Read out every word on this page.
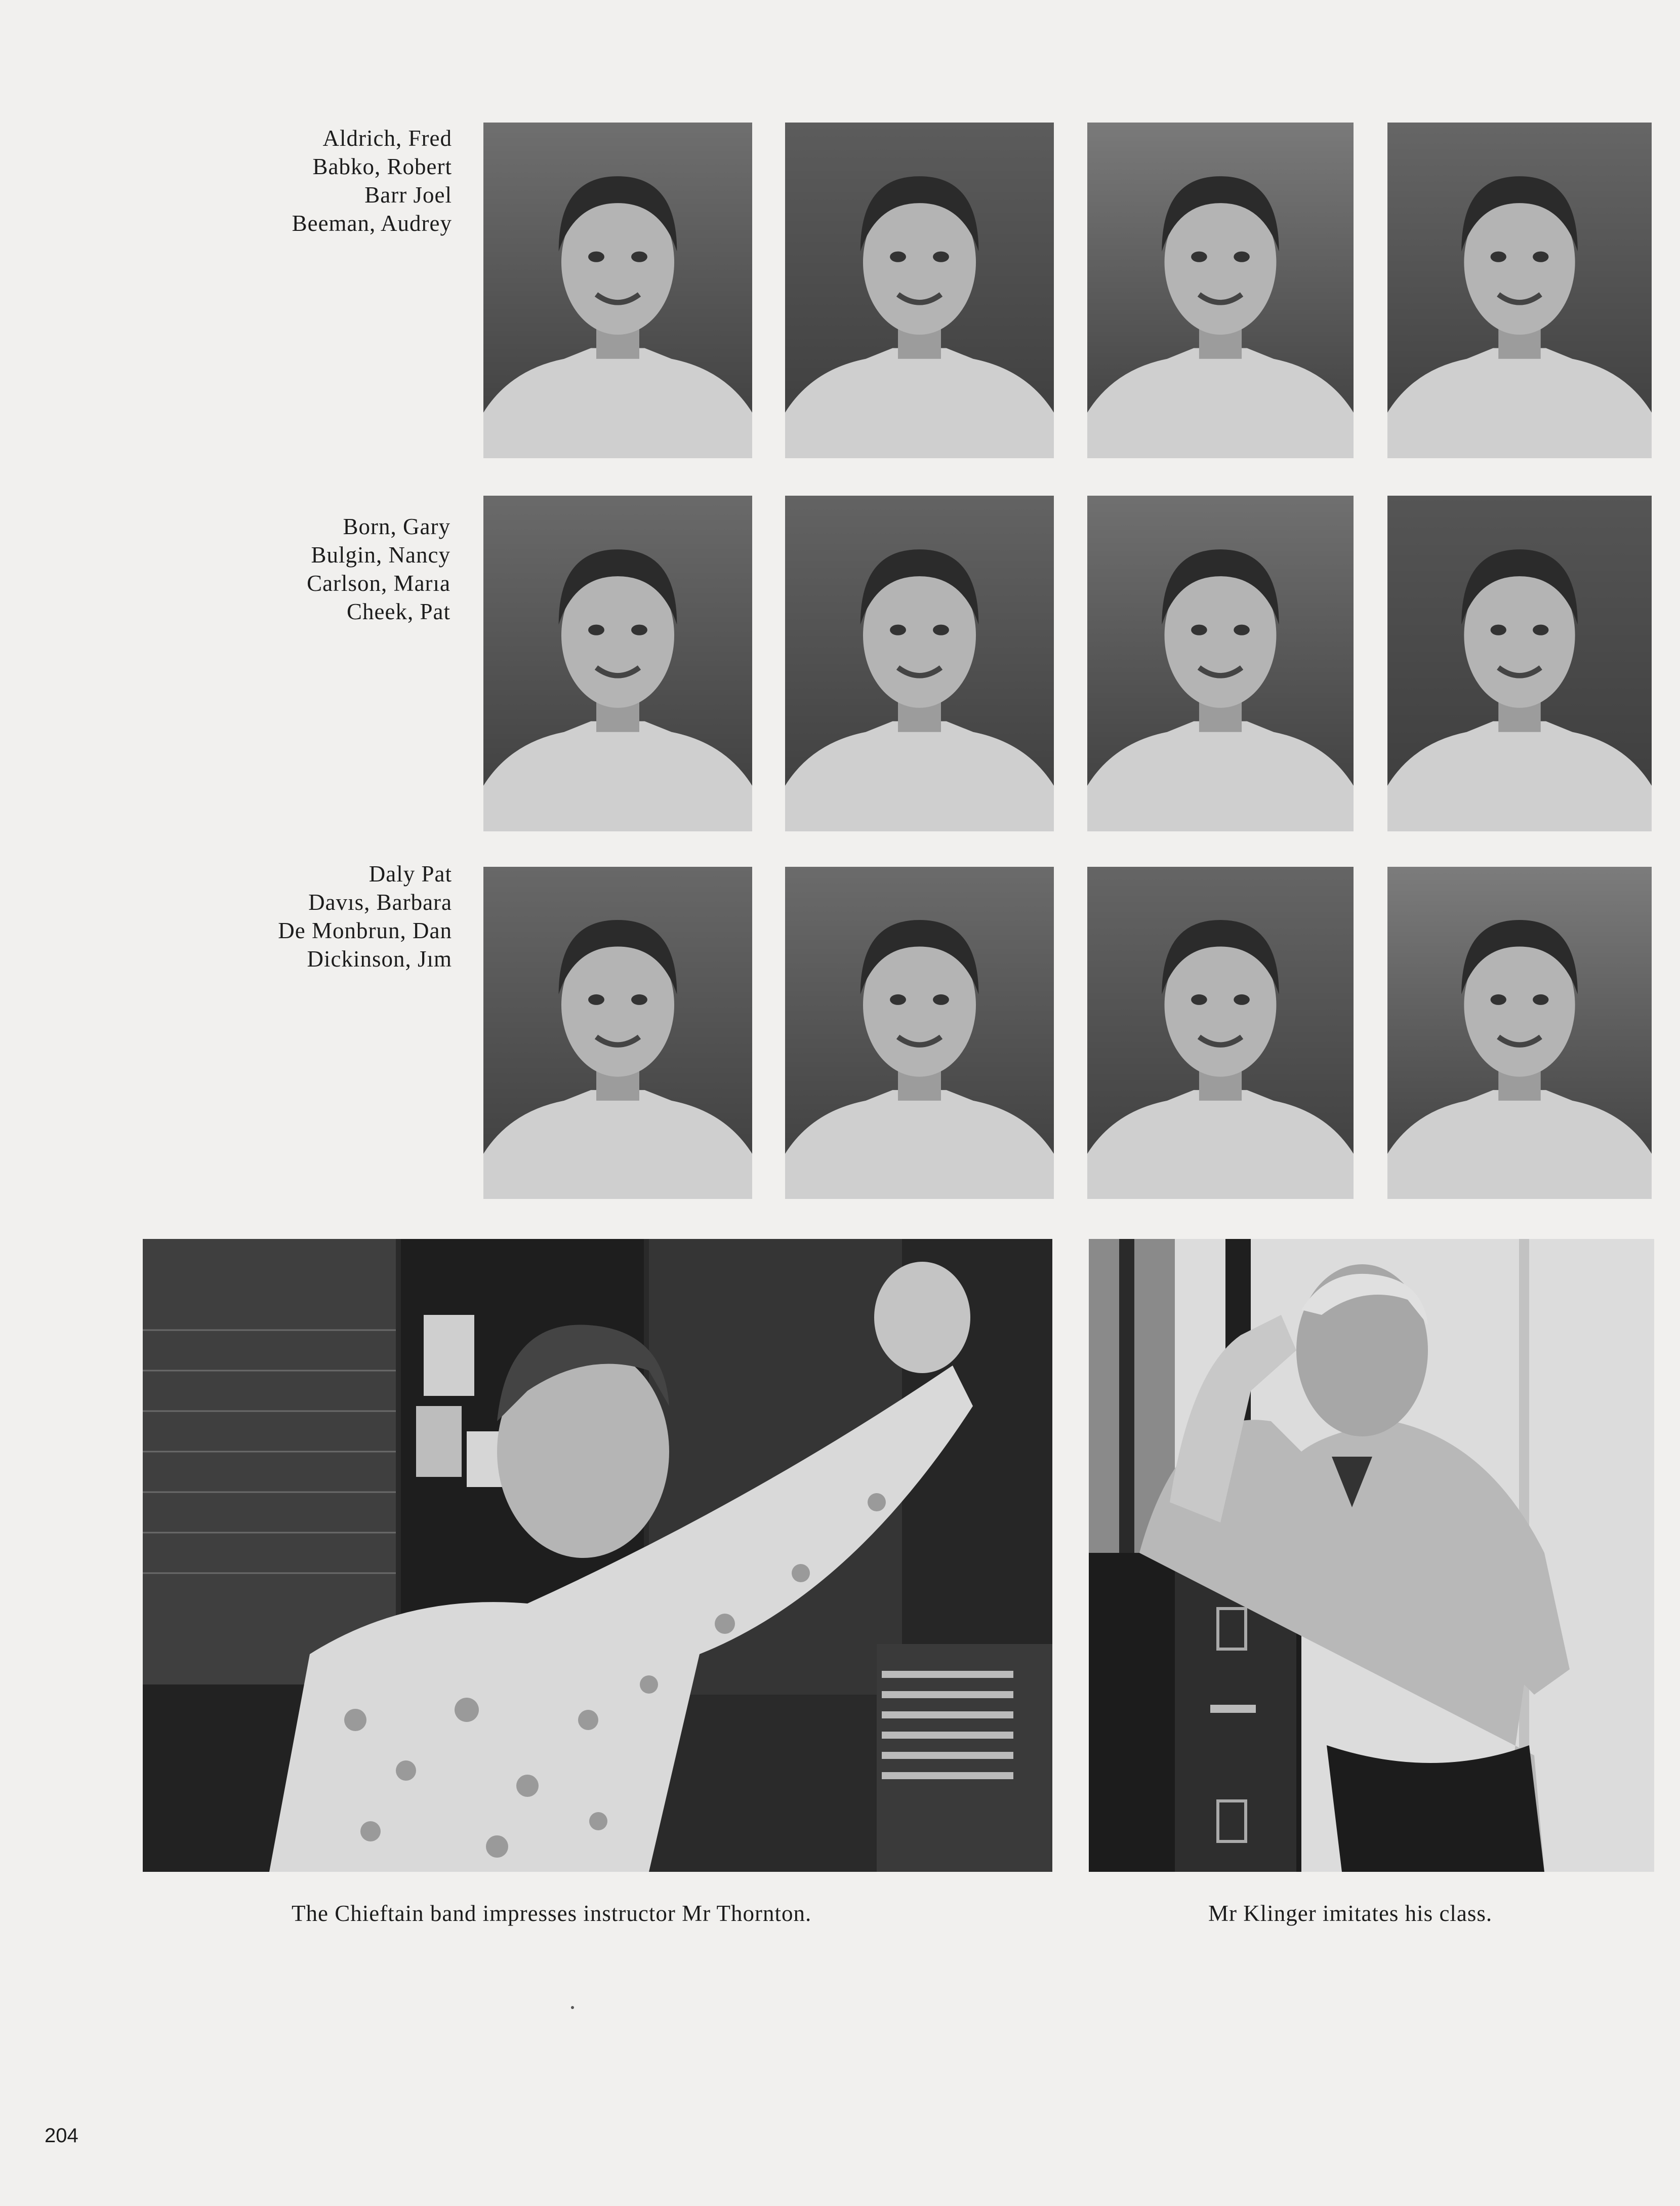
Aldrich, Fred
Babko, Robert
Barr Joel
Beeman, Audrey
Born, Gary
Bulgin, Nancy
Carlson, Marıa
Cheek, Pat
Daly Pat
Davıs, Barbara
De Monbrun, Dan
Dickinson, Jım
The Chieftain band impresses instructor Mr Thornton.	Mr Klinger imitates his class.
204
